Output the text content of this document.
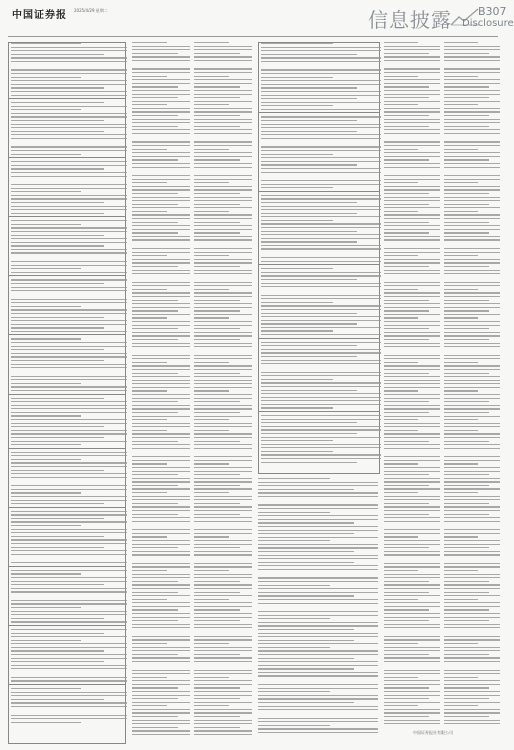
中国证券报 2025/4/29 星期二	信息披露 B307
Disclosure
中国证券报社有限公司
